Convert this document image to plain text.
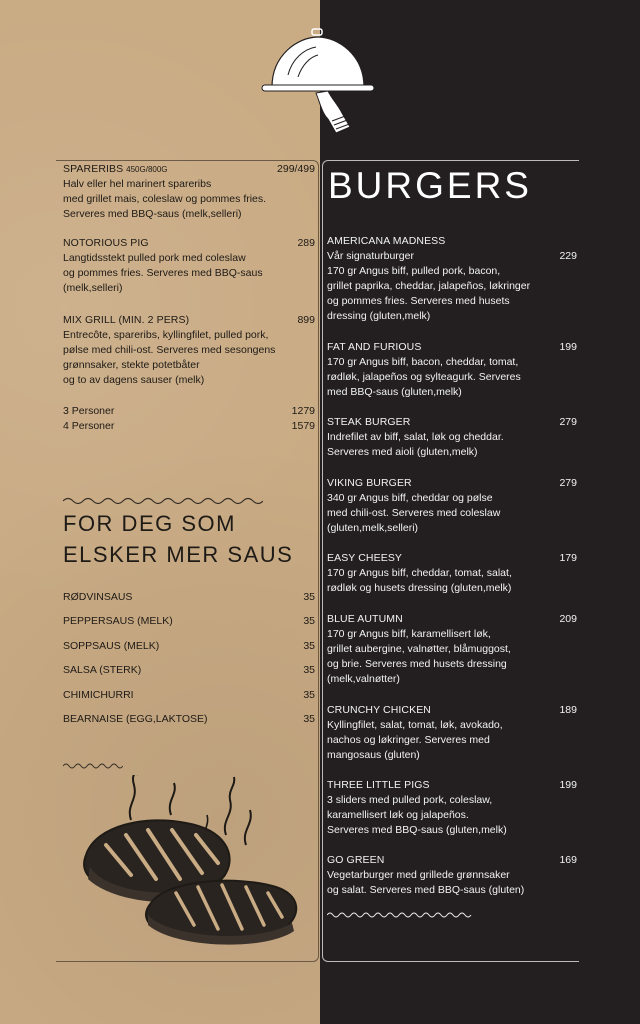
SPARERIBS 450G/800G	299/499
Halv eller hel marinert spareribs
med grillet mais, coleslaw og pommes fries.
Serveres med BBQ-saus (melk,selleri)
NOTORIOUS PIG	289
Langtidsstekt pulled pork med coleslaw
og pommes fries. Serveres med BBQ-saus
(melk,selleri)
MIX GRILL (MIN. 2 PERS)	899
Entrecôte, spareribs, kyllingfilet, pulled pork,
pølse med chili-ost. Serveres med sesongens
grønnsaker, stekte potetbåter
og to av dagens sauser (melk)
3 Personer	1279
4 Personer	1579
FOR DEG SOM
ELSKER MER SAUS
RØDVINSAUS	35
PEPPERSAUS (MELK)	35
SOPPSAUS (MELK)	35
SALSA (STERK)	35
CHIMICHURRI	35
BEARNAISE (EGG,LAKTOSE)	35
BURGERS
AMERICANA MADNESS
Vår signaturburger	229
170 gr Angus biff, pulled pork, bacon,
grillet paprika, cheddar, jalapeños, løkringer
og pommes fries. Serveres med husets
dressing (gluten,melk)
FAT AND FURIOUS	199
170 gr Angus biff, bacon, cheddar, tomat,
rødløk, jalapeños og sylteagurk. Serveres
med BBQ-saus (gluten,melk)
STEAK BURGER	279
Indrefilet av biff, salat, løk og cheddar.
Serveres med aioli (gluten,melk)
VIKING BURGER	279
340 gr Angus biff, cheddar og pølse
med chili-ost. Serveres med coleslaw
(gluten,melk,selleri)
EASY CHEESY	179
170 gr Angus biff, cheddar, tomat, salat,
rødløk og husets dressing (gluten,melk)
BLUE AUTUMN	209
170 gr Angus biff, karamellisert løk,
grillet aubergine, valnøtter, blåmuggost,
og brie. Serveres med husets dressing
(melk,valnøtter)
CRUNCHY CHICKEN	189
Kyllingfilet, salat, tomat, løk, avokado,
nachos og løkringer. Serveres med
mangosaus (gluten)
THREE LITTLE PIGS	199
3 sliders med pulled pork, coleslaw,
karamellisert løk og jalapeños.
Serveres med BBQ-saus (gluten,melk)
GO GREEN	169
Vegetarburger med grillede grønnsaker
og salat. Serveres med BBQ-saus (gluten)
